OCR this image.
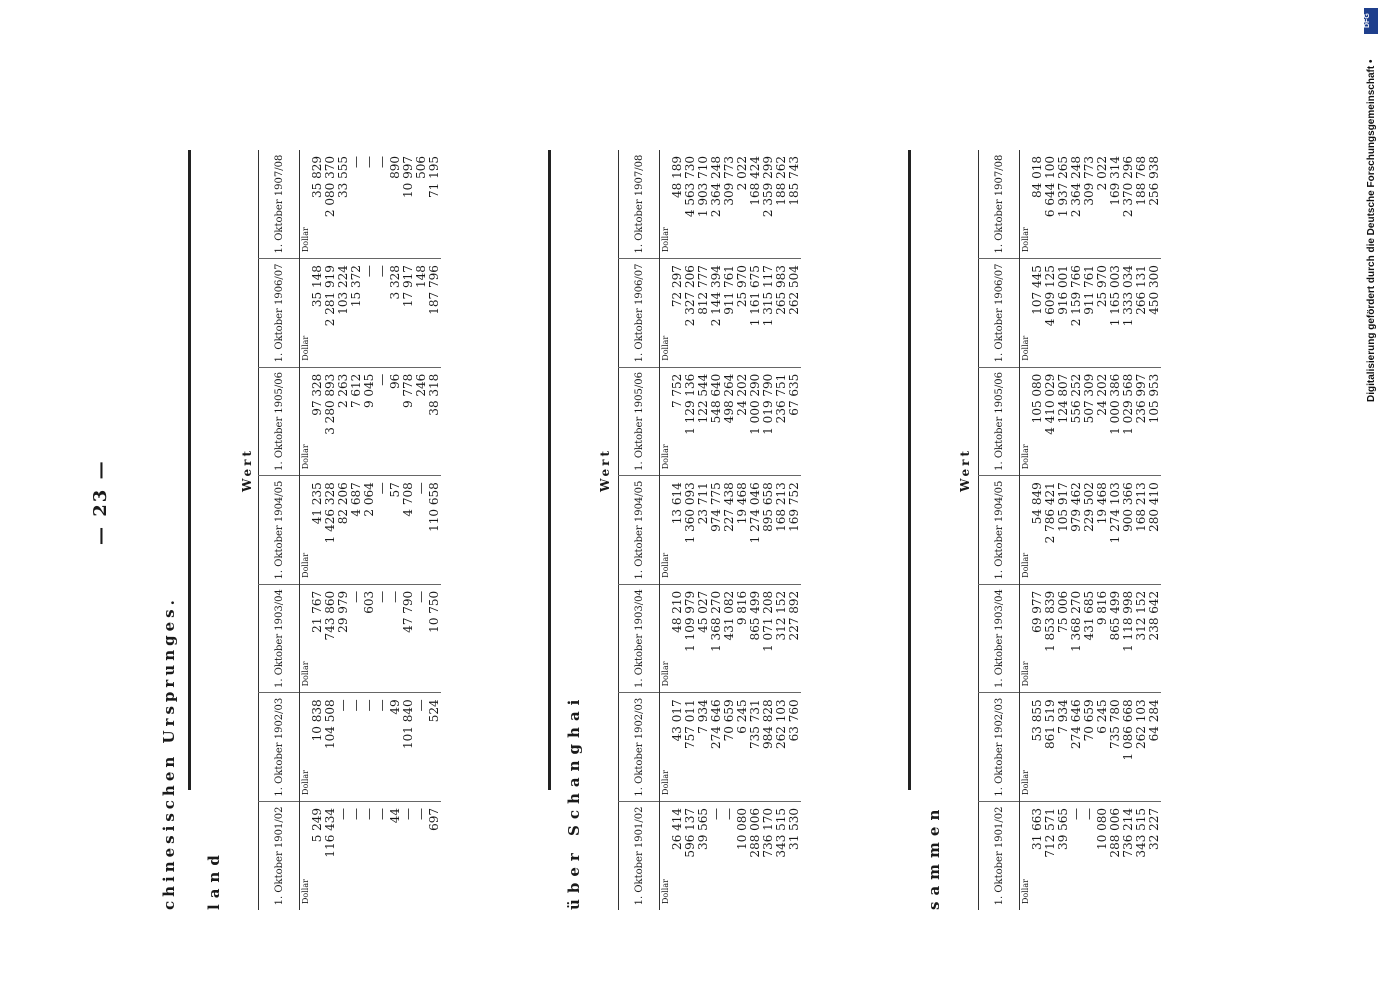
— 23 —
chinesischen Ursprunges. land
Wert
1. Oktober 1901/02	1. Oktober 1902/03	1. Oktober 1903/04	1. Oktober 1904/05	1. Oktober 1905/06	1. Oktober 1906/07	1. Oktober 1907/08
Dollar	Dollar	Dollar	Dollar	Dollar	Dollar	Dollar
5 249	10 838	21 767	41 235	97 328	35 148	35 829
116 434	104 508	743 860	1 426 328	3 280 893	2 281 919	2 080 370
—	—	29 979	82 206	2 263	103 224	33 555
—	—	—	4 687	7 612	15 372	—
—	—	603	2 064	9 045	—	—
—	—	—	—	—	—	—
44	49	—	57	96	3 328	890
—	101 840	47 790	4 708	9 778	17 917	10 997
—	—	—	—	246	148	506
697	524	10 750	110 658	38 318	187 796	71 195
über Schanghai
Wert
1. Oktober 1901/02	1. Oktober 1902/03	1. Oktober 1903/04	1. Oktober 1904/05	1. Oktober 1905/06	1. Oktober 1906/07	1. Oktober 1907/08
Dollar	Dollar	Dollar	Dollar	Dollar	Dollar	Dollar
26 414	43 017	48 210	13 614	7 752	72 297	48 189
596 137	757 011	1 109 979	1 360 093	1 129 136	2 327 206	4 563 730
39 565	7 934	45 027	23 711	122 544	812 777	1 903 710
—	274 646	1 368 270	974 775	548 640	2 144 394	2 364 248
—	70 659	431 082	227 438	498 264	911 761	309 773
10 080	6 245	9 816	19 468	24 202	25 970	2 022
288 006	735 731	865 499	1 274 046	1 000 290	1 161 675	168 424
736 170	984 828	1 071 208	895 658	1 019 790	1 315 117	2 359 299
343 515	262 103	312 152	168 213	236 751	265 983	188 262
31 530	63 760	227 892	169 752	67 635	262 504	185 743
sammen
Wert
1. Oktober 1901/02	1. Oktober 1902/03	1. Oktober 1903/04	1. Oktober 1904/05	1. Oktober 1905/06	1. Oktober 1906/07	1. Oktober 1907/08
Dollar	Dollar	Dollar	Dollar	Dollar	Dollar	Dollar
31 663	53 855	69 977	54 849	105 080	107 445	84 018
712 571	861 519	1 853 839	2 786 421	4 410 029	4 609 125	6 644 100
39 565	7 934	75 006	105 917	124 807	916 001	1 937 265
—	274 646	1 368 270	979 462	556 252	2 159 766	2 364 248
—	70 659	431 685	229 502	507 309	911 761	309 773
10 080	6 245	9 816	19 468	24 202	25 970	2 022
288 006	735 780	865 499	1 274 103	1 000 386	1 165 003	169 314
736 214	1 086 668	1 118 998	900 366	1 029 568	1 333 034	2 370 296
343 515	262 103	312 152	168 213	236 997	266 131	188 768
32 227	64 284	238 642	280 410	105 953	450 300	256 938
DFG
Digitalisierung gefördert durch die Deutsche Forschungsgemeinschaft •
